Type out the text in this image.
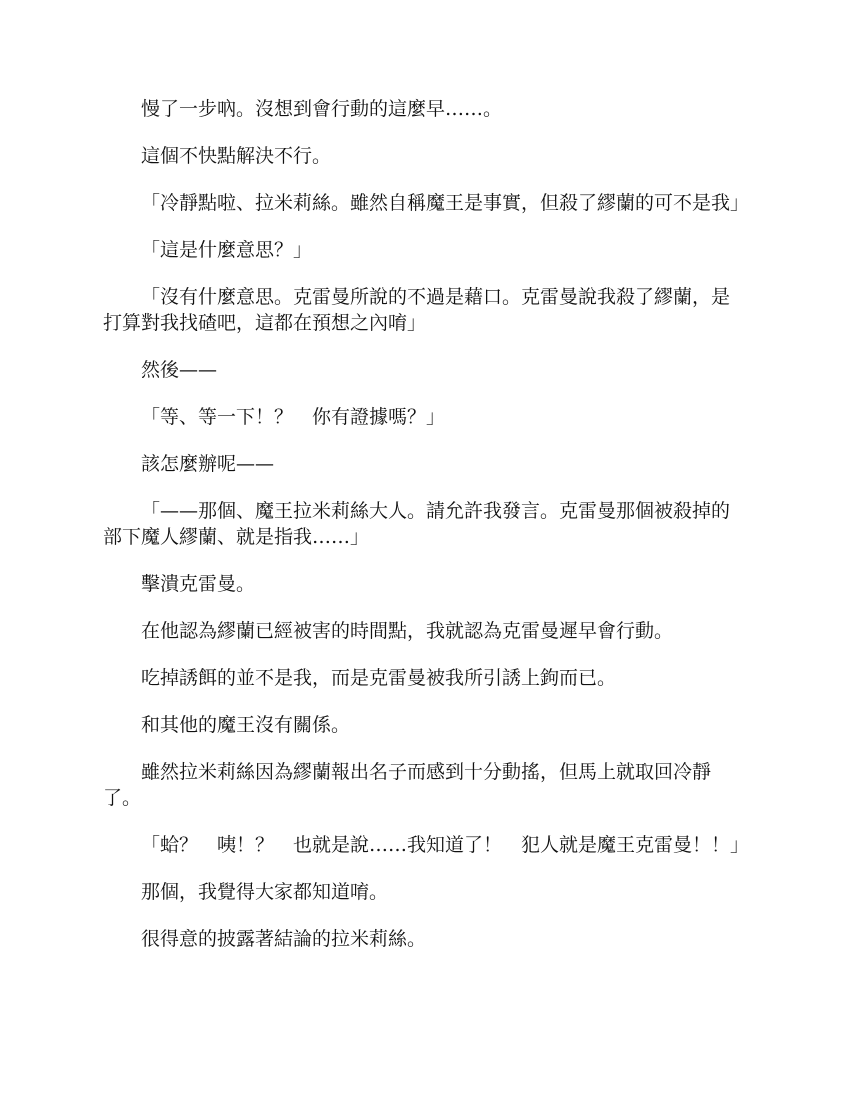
慢了一步吶。沒想到會行動的這麼早……。

這個不快點解決不行。

「冷靜點啦、拉米莉絲。雖然自稱魔王是事實，但殺了繆蘭的可不是我」

「這是什麼意思？」

「沒有什麼意思。克雷曼所說的不過是藉口。克雷曼說我殺了繆蘭，是打算對我找碴吧，這都在預想之內唷」

然後——

「等、等一下！？　你有證據嗎？」

該怎麼辦呢——

「——那個、魔王拉米莉絲大人。請允許我發言。克雷曼那個被殺掉的部下魔人繆蘭、就是指我……」

擊潰克雷曼。

在他認為繆蘭已經被害的時間點，我就認為克雷曼遲早會行動。

吃掉誘餌的並不是我，而是克雷曼被我所引誘上鉤而已。

和其他的魔王沒有關係。

雖然拉米莉絲因為繆蘭報出名子而感到十分動搖，但馬上就取回冷靜了。

「蛤？　咦！？　也就是說……我知道了！　犯人就是魔王克雷曼！！」

那個，我覺得大家都知道唷。

很得意的披露著結論的拉米莉絲。
